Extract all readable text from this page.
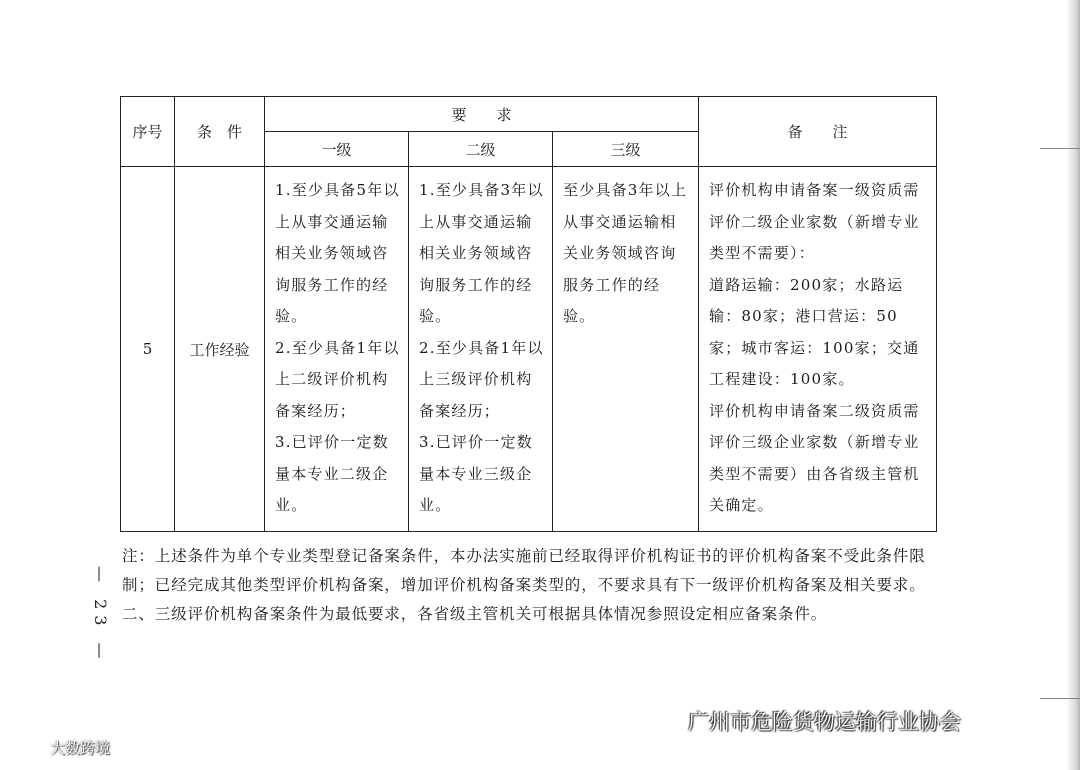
序号	条　件	要　　求			备　　注
		一级	二级	三级	
5	工作经验	1.至少具备5年以上从事交通运输相关业务领域咨询服务工作的经验。
2.至少具备1年以上二级评价机构备案经历；
3.已评价一定数量本专业二级企业。	1.至少具备3年以上从事交通运输相关业务领域咨询服务工作的经验。
2.至少具备1年以上三级评价机构备案经历；
3.已评价一定数量本专业三级企业。	至少具备3年以上从事交通运输相关业务领域咨询服务工作的经验。	评价机构申请备案一级资质需评价二级企业家数（新增专业类型不需要）：
道路运输：200家；水路运输：80家；港口营运：50家；城市客运：100家；交通工程建设：100家。
评价机构申请备案二级资质需评价三级企业家数（新增专业类型不需要）由各省级主管机关确定。
注：上述条件为单个专业类型登记备案条件，本办法实施前已经取得评价机构证书的评价机构备案不受此条件限制；已经完成其他类型评价机构备案，增加评价机构备案类型的，不要求具有下一级评价机构备案及相关要求。二、三级评价机构备案条件为最低要求，各省级主管机关可根据具体情况参照设定相应备案条件。
— 23 —
广州市危险货物运输行业协会
大数跨境
